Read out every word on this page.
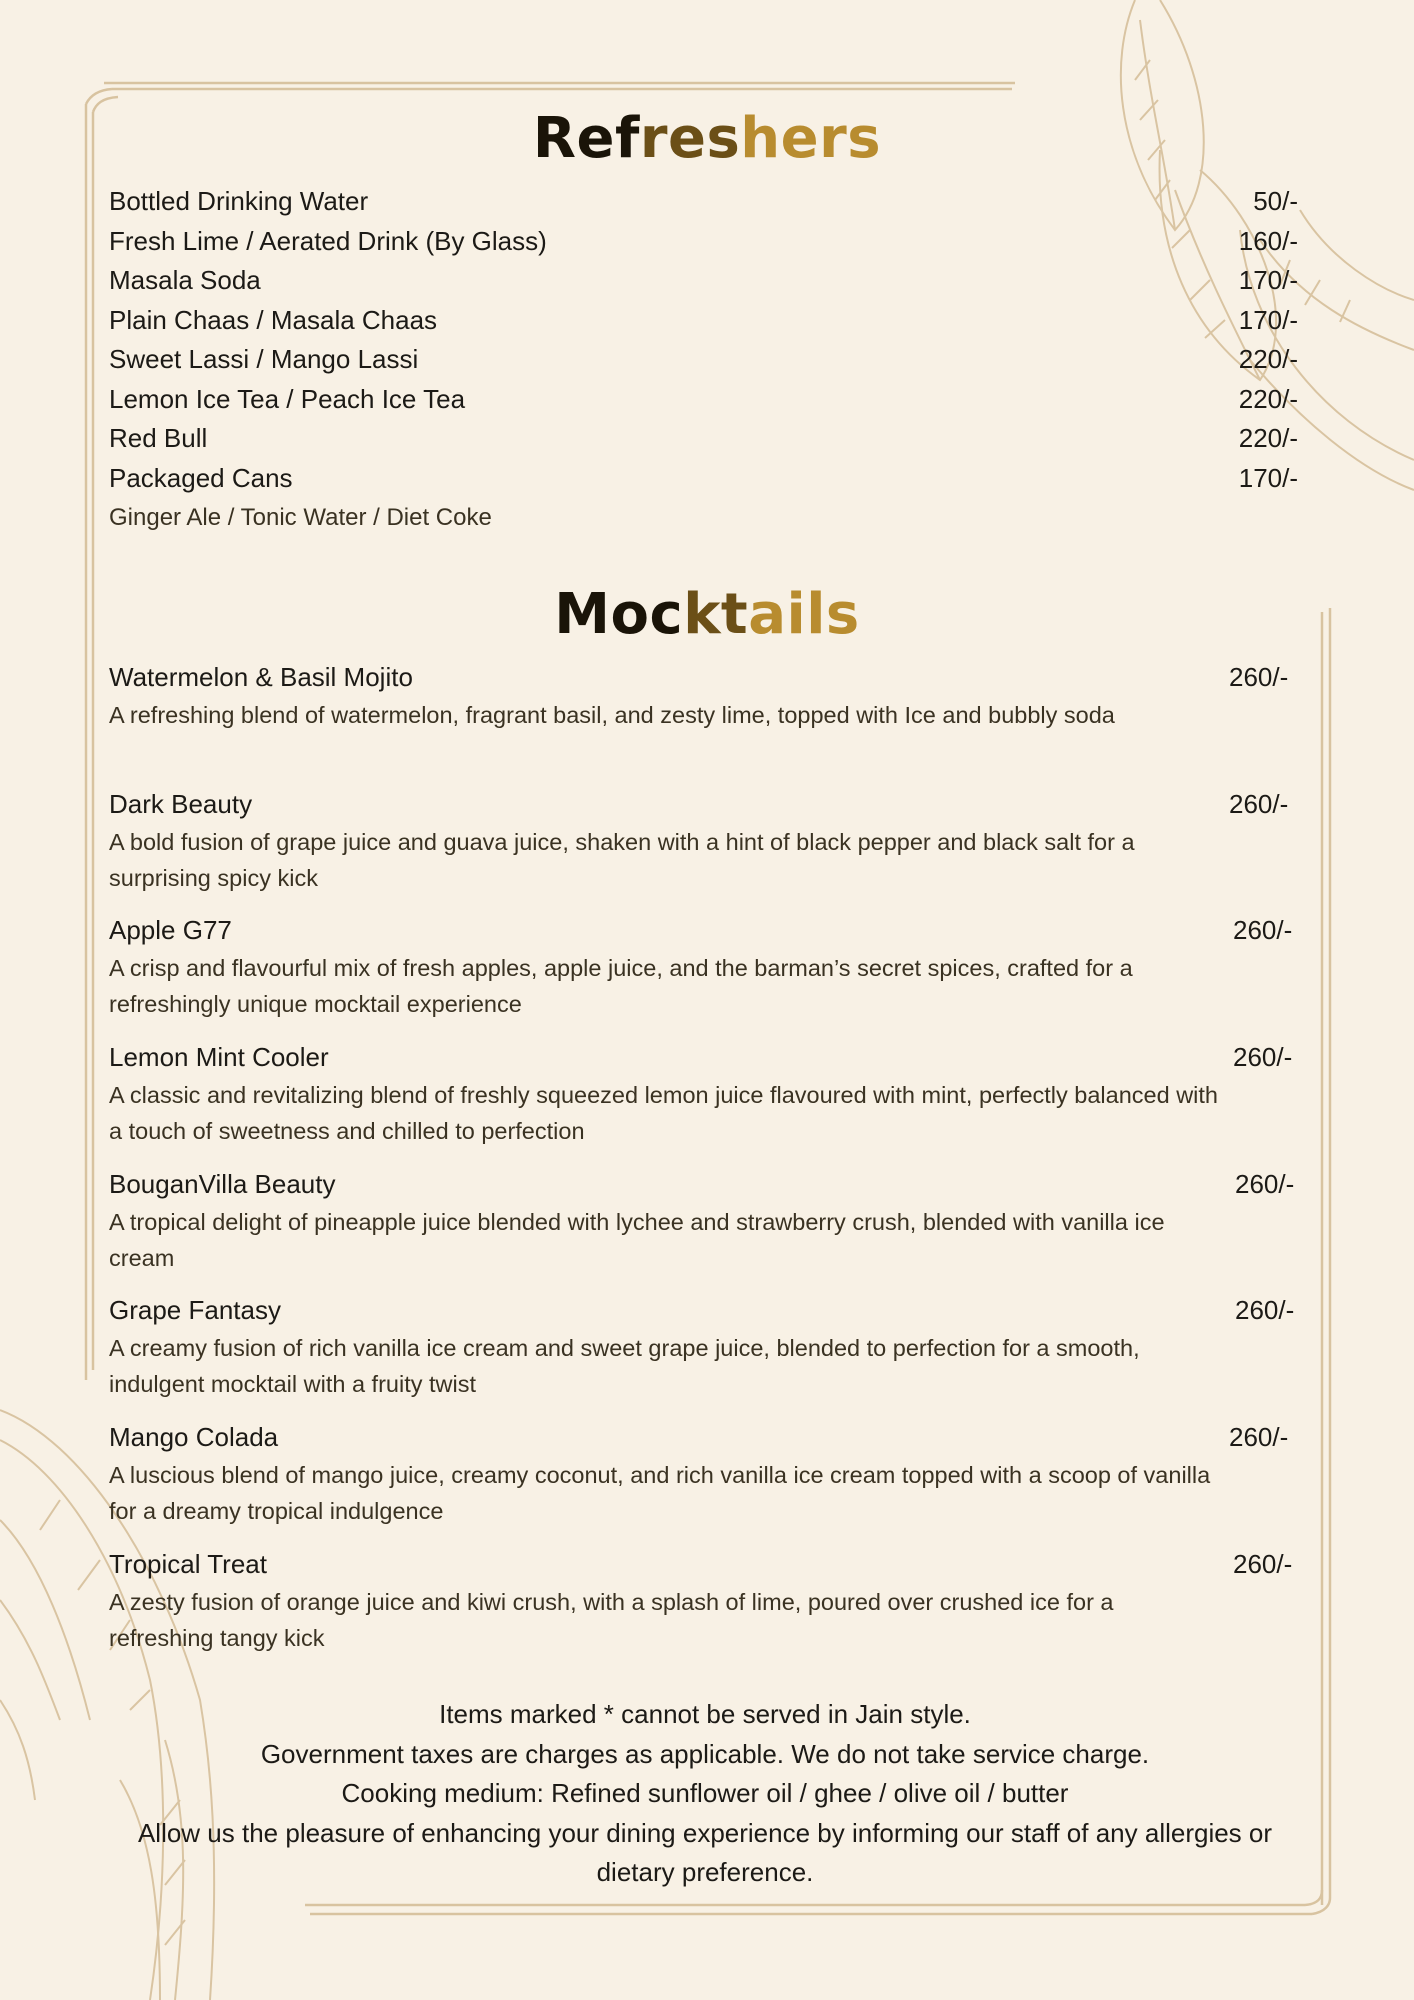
Refreshers
Bottled Drinking Water	50/-
Fresh Lime / Aerated Drink (By Glass)	160/-
Masala Soda	170/-
Plain Chaas / Masala Chaas	170/-
Sweet Lassi / Mango Lassi	220/-
Lemon Ice Tea / Peach Ice Tea	220/-
Red Bull	220/-
Packaged Cans	170/-
Ginger Ale / Tonic Water / Diet Coke
Mocktails
Watermelon & Basil Mojito	260/-
A refreshing blend of watermelon, fragrant basil, and zesty lime, topped with Ice and bubbly soda
Dark Beauty	260/-
A bold fusion of grape juice and guava juice, shaken with a hint of black pepper and black salt for a surprising spicy kick
Apple G77	260/-
A crisp and flavourful mix of fresh apples, apple juice, and the barman’s secret spices, crafted for a refreshingly unique mocktail experience
Lemon Mint Cooler	260/-
A classic and revitalizing blend of freshly squeezed lemon juice flavoured with mint, perfectly balanced with a touch of sweetness and chilled to perfection
BouganVilla Beauty	260/-
A tropical delight of pineapple juice blended with lychee and strawberry crush, blended with vanilla ice cream
Grape Fantasy	260/-
A creamy fusion of rich vanilla ice cream and sweet grape juice, blended to perfection for a smooth, indulgent mocktail with a fruity twist
Mango Colada	260/-
A luscious blend of mango juice, creamy coconut, and rich vanilla ice cream topped with a scoop of vanilla for a dreamy tropical indulgence
Tropical Treat	260/-
A zesty fusion of orange juice and kiwi crush, with a splash of lime, poured over crushed ice for a refreshing tangy kick
Items marked * cannot be served in Jain style.
Government taxes are charges as applicable. We do not take service charge.
Cooking medium: Refined sunflower oil / ghee / olive oil / butter
Allow us the pleasure of enhancing your dining experience by informing our staff of any allergies or dietary preference.
